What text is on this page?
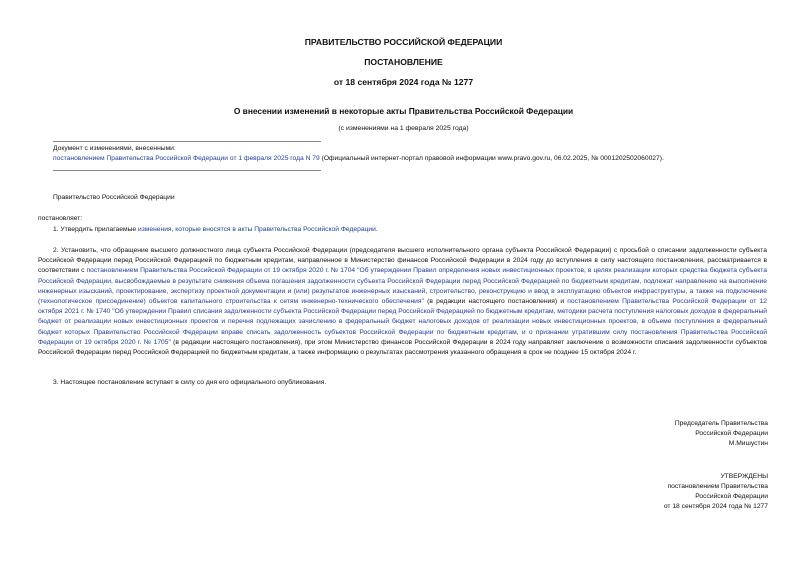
ПРАВИТЕЛЬСТВО РОССИЙСКОЙ ФЕДЕРАЦИИ
ПОСТАНОВЛЕНИЕ
от 18 сентября 2024 года № 1277
О внесении изменений в некоторые акты Правительства Российской Федерации
(с изменениями на 1 февраля 2025 года)
Документ с изменениями, внесенными:
постановлением Правительства Российской Федерации от 1 февраля 2025 года N 79 (Официальный интернет-портал правовой информации www.pravo.gov.ru, 06.02.2025, № 0001202502060027).
Правительство Российской Федерации
постановляет:
1. Утвердить прилагаемые изменения, которые вносятся в акты Правительства Российской Федерации.
2. Установить, что обращение высшего должностного лица субъекта Российской Федерации (председателя высшего исполнительного органа субъекта Российской Федерации) с просьбой о списании задолженности субъекта Российской Федерации перед Российской Федерацией по бюджетным кредитам, направленное в Министерство финансов Российской Федерации в 2024 году до вступления в силу настоящего постановления, рассматривается в соответствии с постановлением Правительства Российской Федерации от 19 октября 2020 г. № 1704 "Об утверждении Правил определения новых инвестиционных проектов, в целях реализации которых средства бюджета субъекта Российской Федерации, высвобождаемые в результате снижения объема погашения задолженности субъекта Российской Федерации перед Российской Федерацией по бюджетным кредитам, подлежат направлению на выполнение инженерных изысканий, проектирование, экспертизу проектной документации и (или) результатов инженерных изысканий, строительство, реконструкцию и ввод в эксплуатацию объектов инфраструктуры, а также на подключение (технологическое присоединение) объектов капитального строительства к сетям инженерно-технического обеспечения" (в редакции настоящего постановления) и постановлением Правительства Российской Федерации от 12 октября 2021 г. № 1740 "Об утверждении Правил списания задолженности субъекта Российской Федерации перед Российской Федерацией по бюджетным кредитам, методики расчета поступления налоговых доходов в федеральный бюджет от реализации новых инвестиционных проектов и перечня подлежащих зачислению в федеральный бюджет налоговых доходов от реализации новых инвестиционных проектов, в объеме поступления в федеральный бюджет которых Правительство Российской Федерации вправе списать задолженность субъектов Российской Федерации по бюджетным кредитам, и о признании утратившим силу постановления Правительства Российской Федерации от 19 октября 2020 г. № 1705" (в редакции настоящего постановления), при этом Министерство финансов Российской Федерации в 2024 году направляет заключение о возможности списания задолженности субъектов Российской Федерации перед Российской Федерацией по бюджетным кредитам, а также информацию о результатах рассмотрения указанного обращения в срок не позднее 15 октября 2024 г.
3. Настоящее постановление вступает в силу со дня его официального опубликования.
Председатель Правительства
Российской Федерации
М.Мишустин
УТВЕРЖДЕНЫ
постановлением Правительства
Российской Федерации
от 18 сентября 2024 года № 1277
